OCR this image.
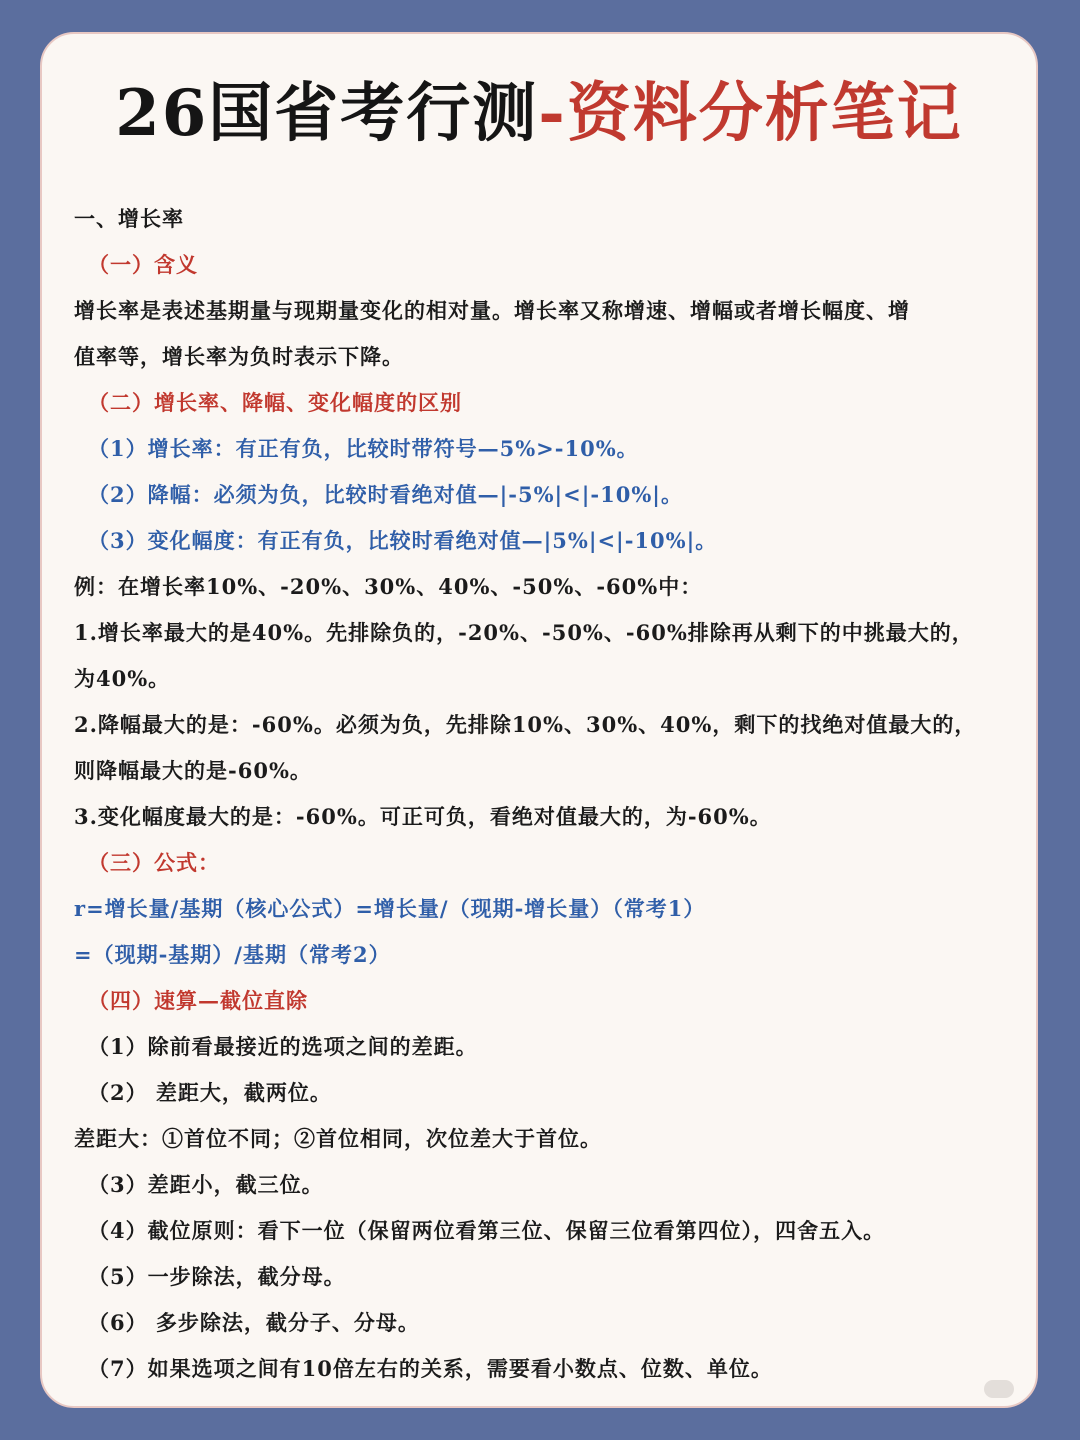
26国省考行测-资料分析笔记
一、增长率
（一）含义
增长率是表述基期量与现期量变化的相对量。增长率又称增速、增幅或者增长幅度、增
值率等，增长率为负时表示下降。
（二）增长率、降幅、变化幅度的区别
（1）增长率：有正有负，比较时带符号—5%>-10%。
（2）降幅：必须为负，比较时看绝对值—|-5%|<|-10%|。
（3）变化幅度：有正有负，比较时看绝对值—|5%|<|-10%|。
例：在增长率10%、-20%、30%、40%、-50%、-60%中：
1.增长率最大的是40%。先排除负的，-20%、-50%、-60%排除再从剩下的中挑最大的，
为40%。
2.降幅最大的是：-60%。必须为负，先排除10%、30%、40%，剩下的找绝对值最大的，
则降幅最大的是-60%。
3.变化幅度最大的是：-60%。可正可负，看绝对值最大的，为-60%。
（三）公式：
r=增长量/基期（核心公式）=增长量/（现期-增长量）（常考1）
=（现期-基期）/基期（常考2）
（四）速算—截位直除
（1）除前看最接近的选项之间的差距。
（2） 差距大，截两位。
差距大：①首位不同；②首位相同，次位差大于首位。
（3）差距小，截三位。
（4）截位原则：看下一位（保留两位看第三位、保留三位看第四位），四舍五入。
（5）一步除法，截分母。
（6） 多步除法，截分子、分母。
（7）如果选项之间有10倍左右的关系，需要看小数点、位数、单位。
